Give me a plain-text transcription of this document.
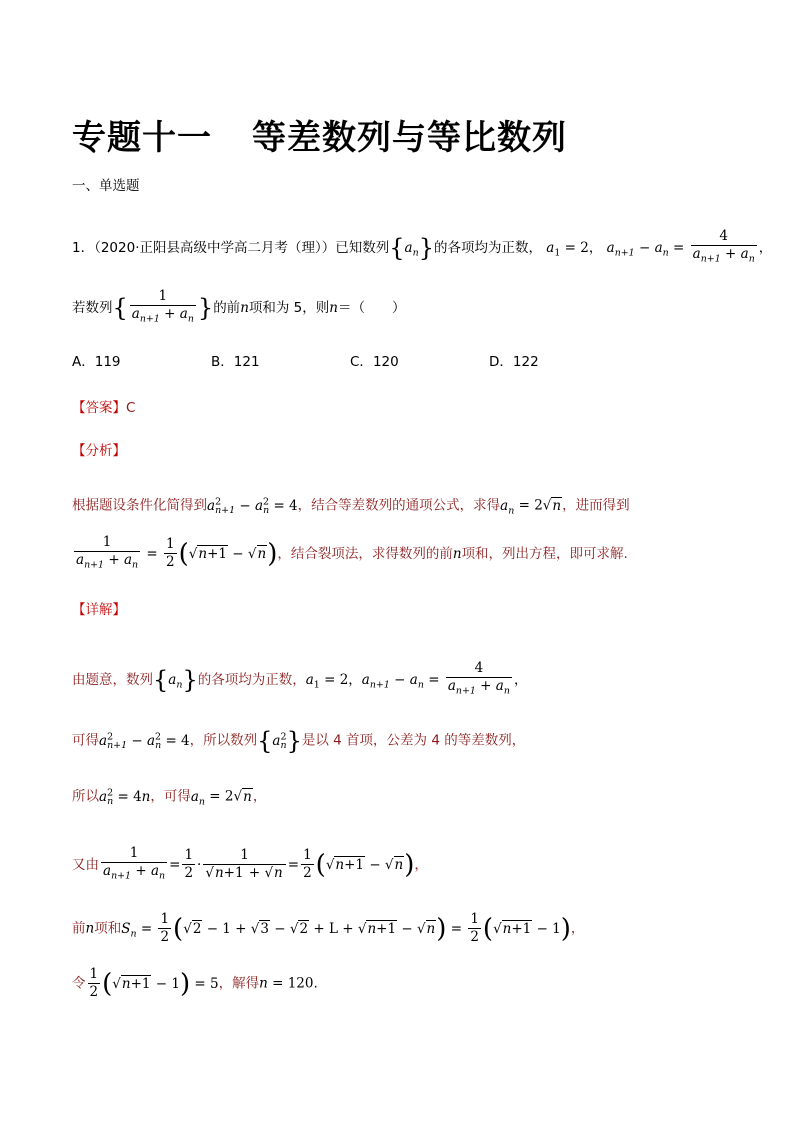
专题十一 等差数列与等比数列
一、单选题
1．（2020·正阳县高级中学高二月考（理））已知数列$\{a_n\}$的各项均为正数， $a_1 = 2$， $a_{n+1} - a_n = \frac{4}{a_{n+1} + a_n}$ ，
若数列{ $\frac{1}{a_{n+1} + a_n}$ }的前n项和为 5，则n＝（　　）
A．119	B．121	C．120	D．122
【答案】C
【分析】
根据题设条件化简得到$a^2_{n+1} - a^2_n = 4$，结合等差数列的通项公式，求得$a_n = 2√n$，进而得到
$\frac{1}{a_{n+1} + a_n} = \frac{1}{2} (√n+1 - √n)$，结合裂项法，求得数列的前n项和，列出方程，即可求解.
【详解】
由题意，数列$\{a_n\}$的各项均为正数，$a_1 = 2$，$a_{n+1} - a_n = \frac{4}{a_{n+1} + a_n}$ ，
可得$a^2_{n+1} - a^2_n = 4$，所以数列$\{a^2_n\}$是以 4 首项，公差为 4 的等差数列，
所以$a^2_n = 4n$，可得$a_n = 2√n$，
又由 $\frac{1}{a_{n+1} + a_n} = \frac{1}{2} \cdot \frac{1}{√n+1 + √n} = \frac{1}{2} (√n+1 - √n)$，
前n项和$S_n = \frac{1}{2} (√2 - 1 + √3 - √2 + L + √n+1 - √n) = \frac{1}{2} (√n+1 - 1)$，
令 $\frac{1}{2} (√n+1 - 1) = 5$，解得n = 120.
